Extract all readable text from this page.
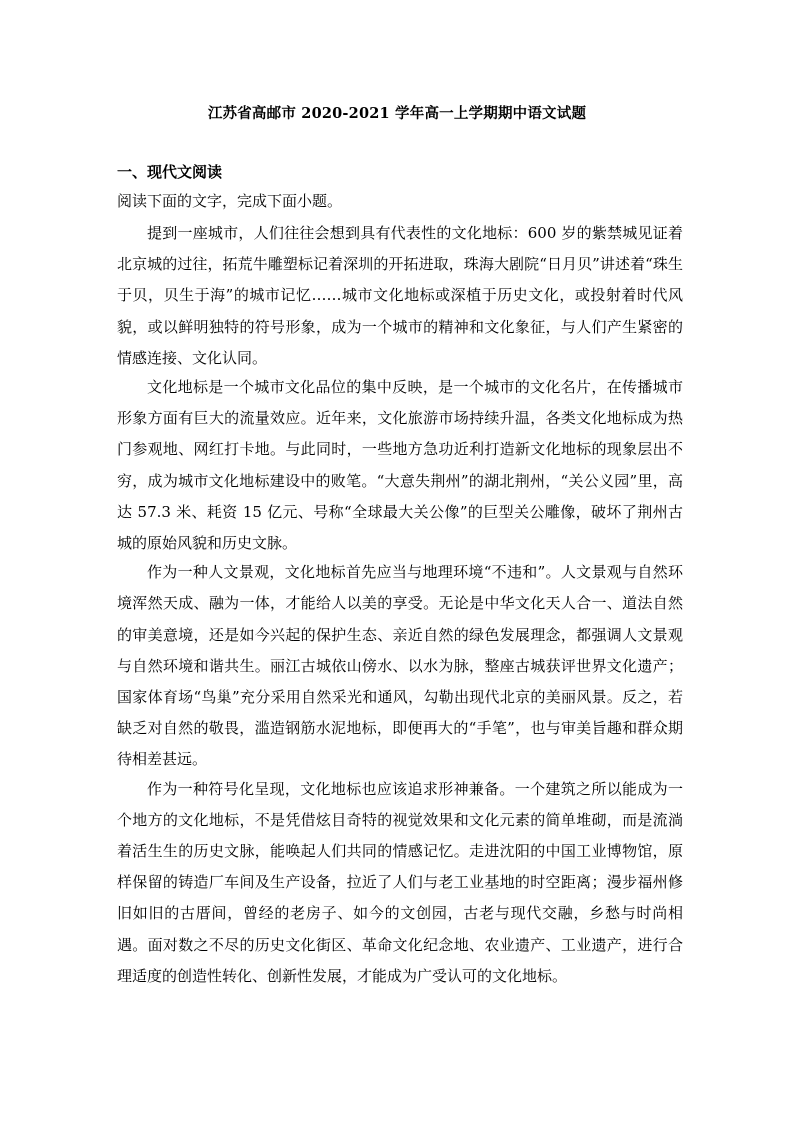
江苏省高邮市 2020-2021 学年高一上学期期中语文试题
一、现代文阅读
阅读下面的文字，完成下面小题。

提到一座城市，人们往往会想到具有代表性的文化地标：600 岁的紫禁城见证着北京城的过往，拓荒牛雕塑标记着深圳的开拓进取，珠海大剧院“日月贝”讲述着“珠生于贝，贝生于海”的城市记忆……城市文化地标或深植于历史文化，或投射着时代风貌，或以鲜明独特的符号形象，成为一个城市的精神和文化象征，与人们产生紧密的情感连接、文化认同。

文化地标是一个城市文化品位的集中反映，是一个城市的文化名片，在传播城市形象方面有巨大的流量效应。近年来，文化旅游市场持续升温，各类文化地标成为热门参观地、网红打卡地。与此同时，一些地方急功近利打造新文化地标的现象层出不穷，成为城市文化地标建设中的败笔。“大意失荆州”的湖北荆州，“关公义园”里，高达 57.3 米、耗资 15 亿元、号称“全球最大关公像”的巨型关公雕像，破坏了荆州古城的原始风貌和历史文脉。

作为一种人文景观，文化地标首先应当与地理环境“不违和”。人文景观与自然环境浑然天成、融为一体，才能给人以美的享受。无论是中华文化天人合一、道法自然的审美意境，还是如今兴起的保护生态、亲近自然的绿色发展理念，都强调人文景观与自然环境和谐共生。丽江古城依山傍水、以水为脉，整座古城获评世界文化遗产；国家体育场“鸟巢”充分采用自然采光和通风，勾勒出现代北京的美丽风景。反之，若缺乏对自然的敬畏，滥造钢筋水泥地标，即便再大的“手笔”，也与审美旨趣和群众期待相差甚远。

作为一种符号化呈现，文化地标也应该追求形神兼备。一个建筑之所以能成为一个地方的文化地标，不是凭借炫目奇特的视觉效果和文化元素的简单堆砌，而是流淌着活生生的历史文脉，能唤起人们共同的情感记忆。走进沈阳的中国工业博物馆，原样保留的铸造厂车间及生产设备，拉近了人们与老工业基地的时空距离；漫步福州修旧如旧的古厝间，曾经的老房子、如今的文创园，古老与现代交融，乡愁与时尚相遇。面对数之不尽的历史文化街区、革命文化纪念地、农业遗产、工业遗产，进行合理适度的创造性转化、创新性发展，才能成为广受认可的文化地标。
